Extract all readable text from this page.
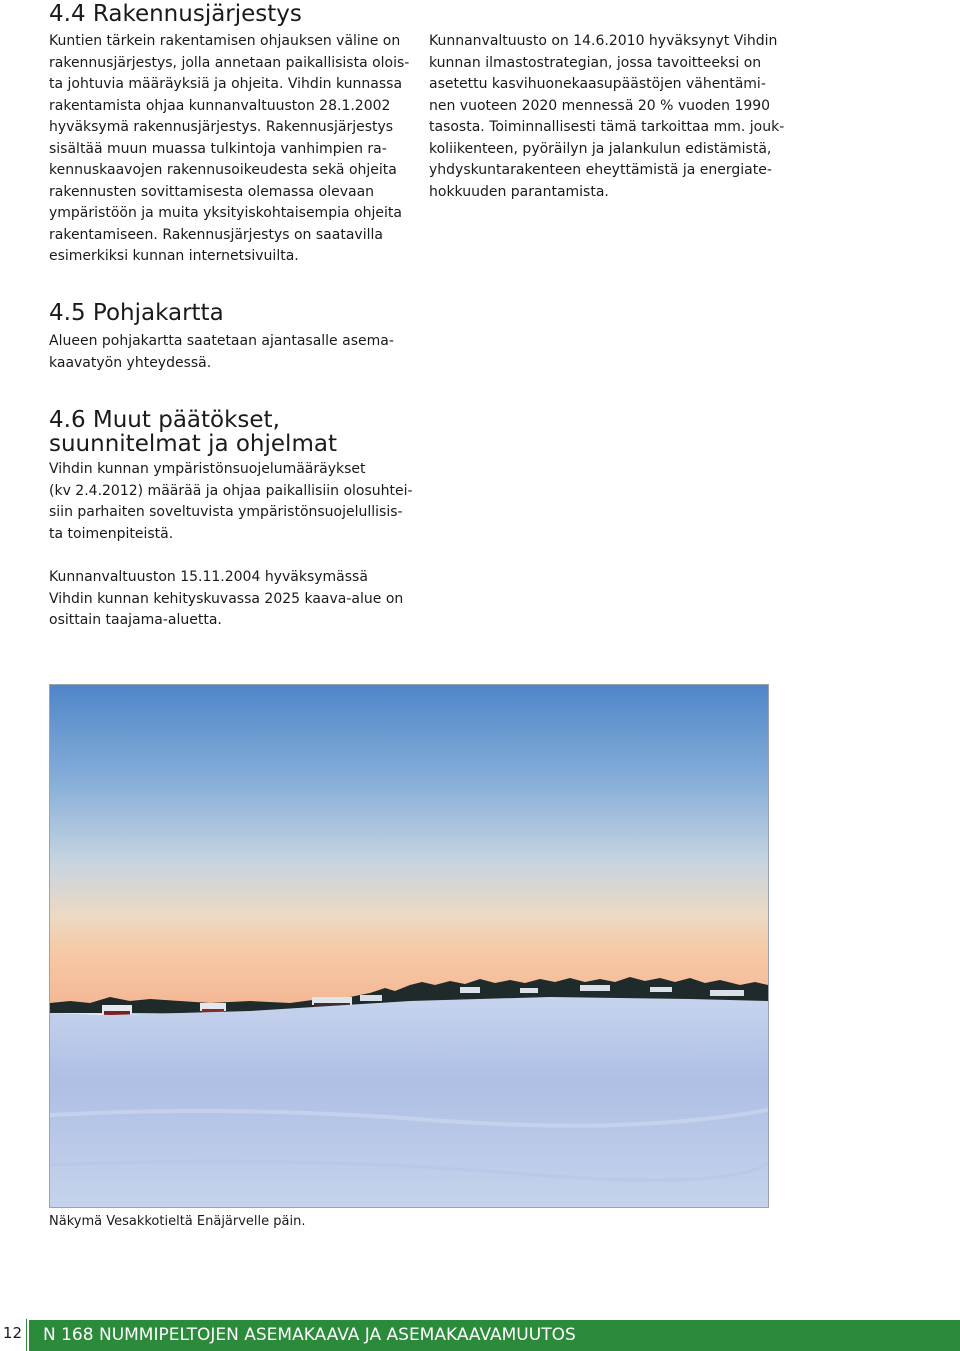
4.4 Rakennusjärjestys
Kuntien tärkein rakentamisen ohjauksen väline on
rakennusjärjestys, jolla annetaan paikallisista olois-
ta johtuvia määräyksiä ja ohjeita. Vihdin kunnassa
rakentamista ohjaa kunnanvaltuuston 28.1.2002
hyväksymä rakennusjärjestys. Rakennusjärjestys
sisältää muun muassa tulkintoja vanhimpien ra-
kennuskaavojen rakennusoikeudesta sekä ohjeita
rakennusten sovittamisesta olemassa olevaan
ympäristöön ja muita yksityiskohtaisempia ohjeita
rakentamiseen. Rakennusjärjestys on saatavilla
esimerkiksi kunnan internetsivuilta.
4.5 Pohjakartta
Alueen pohjakartta saatetaan ajantasalle asema-
kaavatyön yhteydessä.
4.6 Muut päätökset,
suunnitelmat ja ohjelmat
Vihdin kunnan ympäristönsuojelumääräykset
(kv 2.4.2012) määrää ja ohjaa paikallisiin olosuhtei-
siin parhaiten soveltuvista ympäristönsuojelullisis-
ta toimenpiteistä.
Kunnanvaltuuston 15.11.2004 hyväksymässä
Vihdin kunnan kehityskuvassa 2025 kaava-alue on
osittain taajama-aluetta.
Kunnanvaltuusto on 14.6.2010 hyväksynyt Vihdin
kunnan ilmastostrategian, jossa tavoitteeksi on
asetettu kasvihuonekaasupäästöjen vähentämi-
nen vuoteen 2020 mennessä 20 % vuoden 1990
tasosta. Toiminnallisesti tämä tarkoittaa mm. jouk-
koliikenteen, pyöräilyn ja jalankulun edistämistä,
yhdyskuntarakenteen eheyttämistä ja energiate-
hokkuuden parantamista.

Näkymä Vesakkotieltä Enäjärvelle päin.

12	N 168 NUMMIPELTOJEN ASEMAKAAVA JA ASEMAKAAVAMUUTOS
